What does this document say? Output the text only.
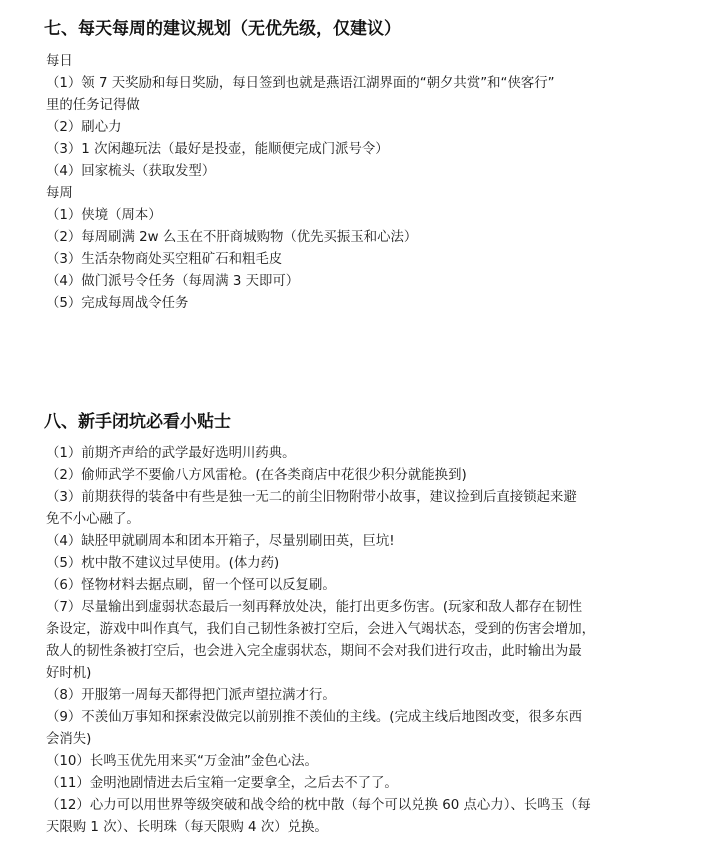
七、每天每周的建议规划（无优先级，仅建议）
每日
（1）领 7 天奖励和每日奖励，每日签到也就是燕语江湖界面的“朝夕共赏”和“侠客行”
里的任务记得做
（2）刷心力
（3）1 次闲趣玩法（最好是投壶，能顺便完成门派号令）
（4）回家梳头（获取发型）
每周
（1）侠境（周本）
（2）每周刷满 2w 么玉在不肝商城购物（优先买振玉和心法）
（3）生活杂物商处买空粗矿石和粗毛皮
（4）做门派号令任务（每周满 3 天即可）
（5）完成每周战令任务
八、新手闭坑必看小贴士
（1）前期齐声给的武学最好选明川药典。
（2）偷师武学不要偷八方风雷枪。(在各类商店中花很少积分就能换到)
（3）前期获得的装备中有些是独一无二的前尘旧物附带小故事，建议捡到后直接锁起来避
免不小心融了。
（4）缺胫甲就刷周本和团本开箱子，尽量别刷田英，巨坑!
（5）枕中散不建议过早使用。(体力药)
（6）怪物材料去据点刷，留一个怪可以反复刷。
（7）尽量输出到虚弱状态最后一刻再释放处决，能打出更多伤害。(玩家和敌人都存在韧性
条设定，游戏中叫作真气，我们自己韧性条被打空后，会进入气竭状态，受到的伤害会增加，
敌人的韧性条被打空后，也会进入完全虚弱状态，期间不会对我们进行攻击，此时输出为最
好时机)
（8）开服第一周每天都得把门派声望拉满才行。
（9）不羡仙万事知和探索没做完以前别推不羡仙的主线。(完成主线后地图改变，很多东西
会消失)
（10）长鸣玉优先用来买“万金油”金色心法。
（11）金明池剧情进去后宝箱一定要拿全，之后去不了了。
（12）心力可以用世界等级突破和战令给的枕中散（每个可以兑换 60 点心力）、长鸣玉（每
天限购 1 次）、长明珠（每天限购 4 次）兑换。
